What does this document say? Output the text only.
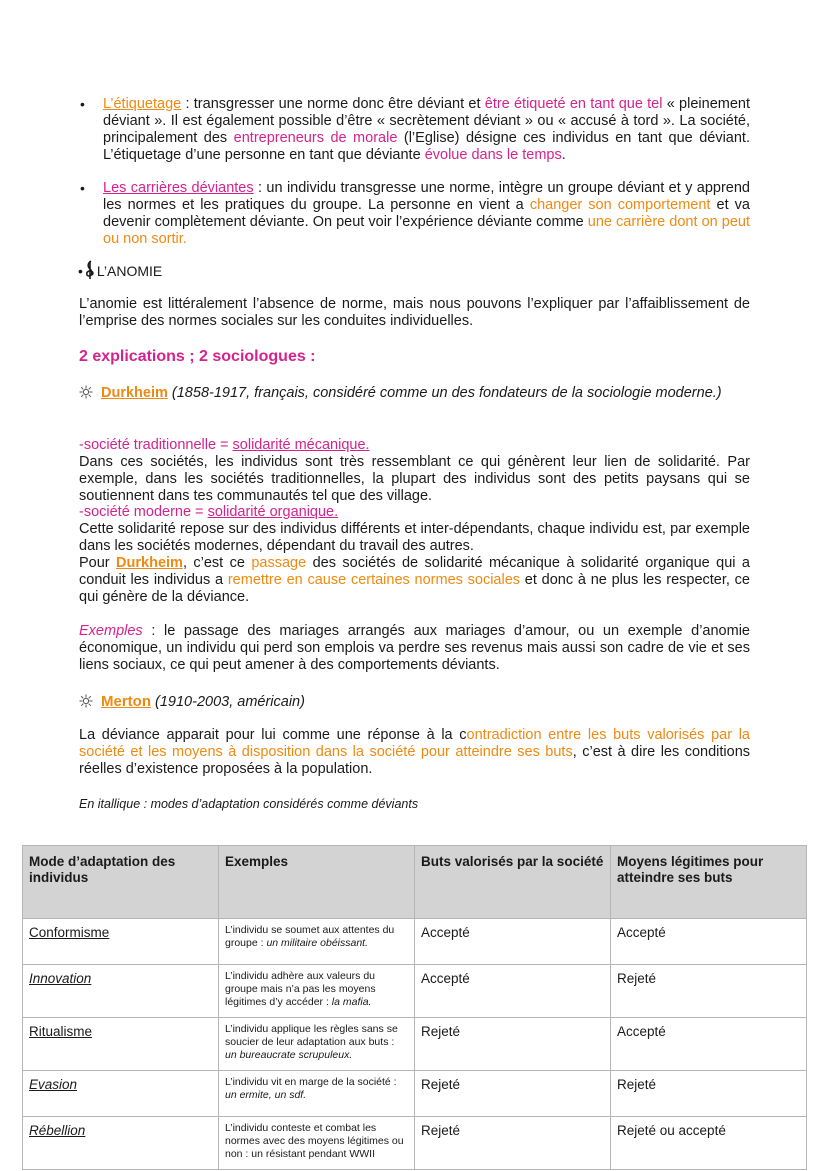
• L’étiquetage : transgresser une norme donc être déviant et être étiqueté en tant que tel « pleinement déviant ». Il est également possible d’être « secrètement déviant » ou « accusé à tord ». La société, principalement des entrepreneurs de morale (l’Eglise) désigne ces individus en tant que déviant. L’étiquetage d’une personne en tant que déviante évolue dans le temps.
• Les carrières déviantes : un individu transgresse une norme, intègre un groupe déviant et y apprend les normes et les pratiques du groupe. La personne en vient a changer son comportement et va devenir complètement déviante. On peut voir l’expérience déviante comme une carrière dont on peut ou non sortir.
• L’ANOMIE
L’anomie est littéralement l’absence de norme, mais nous pouvons l’expliquer par l’affaiblissement de l’emprise des normes sociales sur les conduites individuelles.
2 explications ; 2 sociologues :
Durkheim (1858-1917, français, considéré comme un des fondateurs de la sociologie moderne.)
-société traditionnelle = solidarité mécanique.
Dans ces sociétés, les individus sont très ressemblant ce qui génèrent leur lien de solidarité. Par exemple, dans les sociétés traditionnelles, la plupart des individus sont des petits paysans qui se soutiennent dans tes communautés tel que des village.
-société moderne = solidarité organique.
Cette solidarité repose sur des individus différents et inter-dépendants, chaque individu est, par exemple dans les sociétés modernes, dépendant du travail des autres.
Pour Durkheim, c’est ce passage des sociétés de solidarité mécanique à solidarité organique qui a conduit les individus a remettre en cause certaines normes sociales et donc à ne plus les respecter, ce qui génère de la déviance.
Exemples : le passage des mariages arrangés aux mariages d’amour, ou un exemple d’anomie économique, un individu qui perd son emplois va perdre ses revenus mais aussi son cadre de vie et ses liens sociaux, ce qui peut amener à des comportements déviants.
Merton (1910-2003, américain)
La déviance apparait pour lui comme une réponse à la contradiction entre les buts valorisés par la société et les moyens à disposition dans la société pour atteindre ses buts, c’est à dire les conditions réelles d’existence proposées à la population.
En itallique : modes d’adaptation considérés comme déviants
Mode d’adaptation des individus	Exemples	Buts valorisés par la société	Moyens légitimes pour atteindre ses buts
Conformisme	L’individu se soumet aux attentes du groupe : un militaire obéissant.	Accepté	Accepté
Innovation	L’individu adhère aux valeurs du groupe mais n’a pas les moyens légitimes d’y accéder : la mafia.	Accepté	Rejeté
Ritualisme	L’individu applique les règles sans se soucier de leur adaptation aux buts : un bureaucrate scrupuleux.	Rejeté	Accepté
Evasion	L’individu vit en marge de la société : un ermite, un sdf.	Rejeté	Rejeté
Rébellion	L’individu conteste et combat les normes avec des moyens légitimes ou non : un résistant pendant WWII	Rejeté	Rejeté ou accepté
